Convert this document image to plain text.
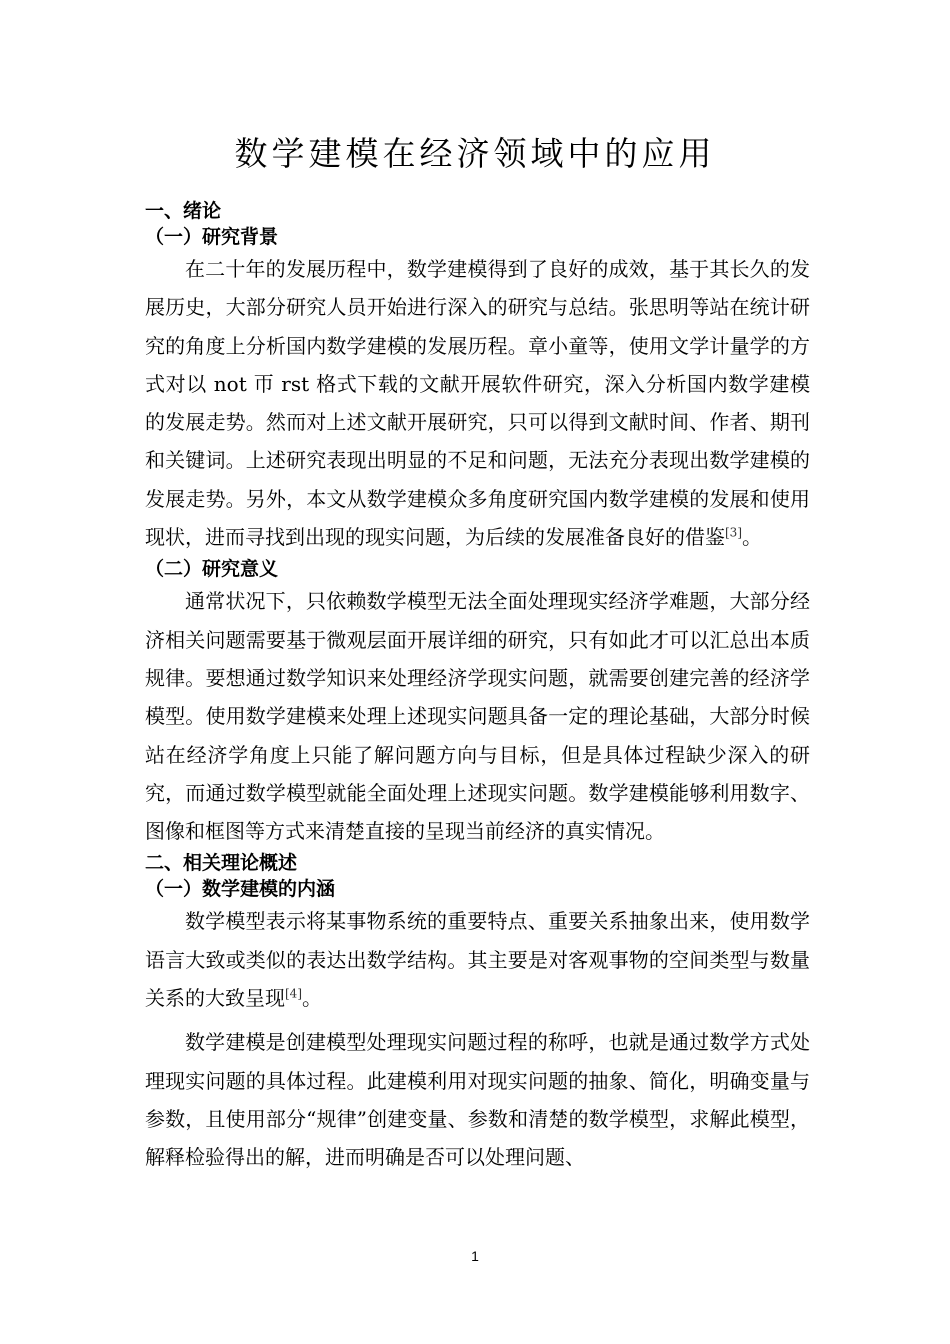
数学建模在经济领域中的应用
一、绪论
（一）研究背景

在二十年的发展历程中，数学建模得到了良好的成效，基于其长久的发展历史，大部分研究人员开始进行深入的研究与总结。张思明等站在统计研究的角度上分析国内数学建模的发展历程。章小童等，使用文学计量学的方式对以 not 帀 rst 格式下载的文献开展软件研究，深入分析国内数学建模的发展走势。然而对上述文献开展研究，只可以得到文献时间、作者、期刊和关键词。上述研究表现出明显的不足和问题，无法充分表现出数学建模的发展走势。另外，本文从数学建模众多角度研究国内数学建模的发展和使用现状，进而寻找到出现的现实问题，为后续的发展准备良好的借鉴[3]。

（二）研究意义

通常状况下，只依赖数学模型无法全面处理现实经济学难题，大部分经济相关问题需要基于微观层面开展详细的研究，只有如此才可以汇总出本质规律。要想通过数学知识来处理经济学现实问题，就需要创建完善的经济学模型。使用数学建模来处理上述现实问题具备一定的理论基础，大部分时候站在经济学角度上只能了解问题方向与目标，但是具体过程缺少深入的研究，而通过数学模型就能全面处理上述现实问题。数学建模能够利用数字、图像和框图等方式来清楚直接的呈现当前经济的真实情况。

二、相关理论概述
（一）数学建模的内涵

数学模型表示将某事物系统的重要特点、重要关系抽象出来，使用数学语言大致或类似的表达出数学结构。其主要是对客观事物的空间类型与数量关系的大致呈现[4]。

数学建模是创建模型处理现实问题过程的称呼，也就是通过数学方式处理现实问题的具体过程。此建模利用对现实问题的抽象、简化，明确变量与参数，且使用部分“规律”创建变量、参数和清楚的数学模型，求解此模型，解释检验得出的解，进而明确是否可以处理问题、

1
